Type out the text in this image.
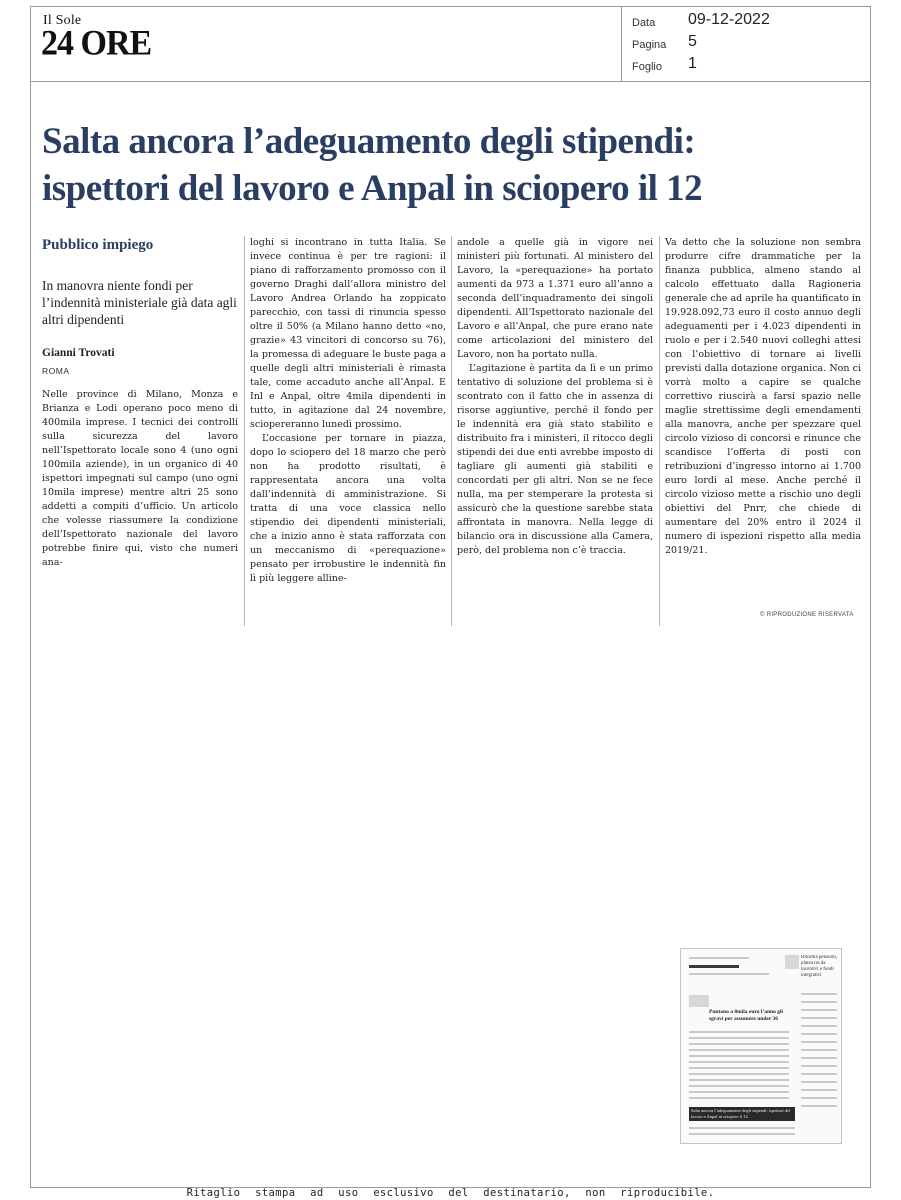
Il Sole
24 ORE
Data 09-12-2022
Pagina 5
Foglio 1
Salta ancora l’adeguamento degli stipendi:
ispettori del lavoro e Anpal in sciopero il 12
Pubblico impiego
In manovra niente fondi per l’indennità ministeriale già data agli altri dipendenti
Gianni Trovati
ROMA

Nelle province di Milano, Monza e Brianza e Lodi operano poco meno di 400mila imprese. I tecnici dei controlli sulla sicurezza del lavoro nell’Ispettorato locale sono 4 (uno ogni 100mila aziende), in un organico di 40 ispettori impegnati sul campo (uno ogni 10mila imprese) mentre altri 25 sono addetti a compiti d’ufficio. Un articolo che volesse riassumere la condizione dell’Ispettorato nazionale del lavoro potrebbe finire qui, visto che numeri ana-

loghi si incontrano in tutta Italia. Se invece continua è per tre ragioni: il piano di rafforzamento promosso con il governo Draghi dall’allora ministro del Lavoro Andrea Orlando ha zoppicato parecchio, con tassi di rinuncia spesso oltre il 50% (a Milano hanno detto «no, grazie» 43 vincitori di concorso su 76), la promessa di adeguare le buste paga a quelle degli altri ministeriali è rimasta tale, come accaduto anche all’Anpal. E Inl e Anpal, oltre 4mila dipendenti in tutto, in agitazione dal 24 novembre, sciopereranno lunedì prossimo.

L’occasione per tornare in piazza, dopo lo sciopero del 18 marzo che però non ha prodotto risultati, è rappresentata ancora una volta dall’indennità di amministrazione. Si tratta di una voce classica nello stipendio dei dipendenti ministeriali, che a inizio anno è stata rafforzata con un meccanismo di «perequazione» pensato per irrobustire le indennità fin lì più leggere alline-

andole a quelle già in vigore nei ministeri più fortunati. Al ministero del Lavoro, la «perequazione» ha portato aumenti da 973 a 1.371 euro all’anno a seconda dell’inquadramento dei singoli dipendenti. All’Ispettorato nazionale del Lavoro e all’Anpal, che pure erano nate come articolazioni del ministero del Lavoro, non ha portato nulla.

L’agitazione è partita da lì e un primo tentativo di soluzione del problema si è scontrato con il fatto che in assenza di risorse aggiuntive, perché il fondo per le indennità era già stato stabilito e distribuito fra i ministeri, il ritocco degli stipendi dei due enti avrebbe imposto di tagliare gli aumenti già stabiliti e concordati per gli altri. Non se ne fece nulla, ma per stemperare la protesta si assicurò che la questione sarebbe stata affrontata in manovra. Nella legge di bilancio ora in discussione alla Camera, però, del problema non c’è traccia.

Va detto che la soluzione non sembra produrre cifre drammatiche per la finanza pubblica, almeno stando al calcolo effettuato dalla Ragioneria generale che ad aprile ha quantificato in 19.928.092,73 euro il costo annuo degli adeguamenti per i 4.023 dipendenti in ruolo e per i 2.540 nuovi colleghi attesi con l’obiettivo di tornare ai livelli previsti dalla dotazione organica. Non ci vorrà molto a capire se qualche correttivo riuscirà a farsi spazio nelle maglie strettissime degli emendamenti alla manovra, anche per spezzare quel circolo vizioso di concorsi e rinunce che scandisce l’offerta di posti con retribuzioni d’ingresso intorno ai 1.700 euro lordi al mese. Anche perché il circolo vizioso mette a rischio uno degli obiettivi del Pnrr, che chiede di aumentare del 20% entro il 2024 il numero di ispezioni rispetto alla media 2019/21.

© RIPRODUZIONE RISERVATA
Riforma pensioni, platea tra da incentivi e fondi integrativi
Puntano a 8mila euro l’anno gli sgravi per assumere under 36
Salta ancora l’adeguamento degli stipendi: ispettori del lavoro e Anpal in sciopero il 12
Ritaglio stampa ad uso esclusivo del destinatario, non riproducibile.
